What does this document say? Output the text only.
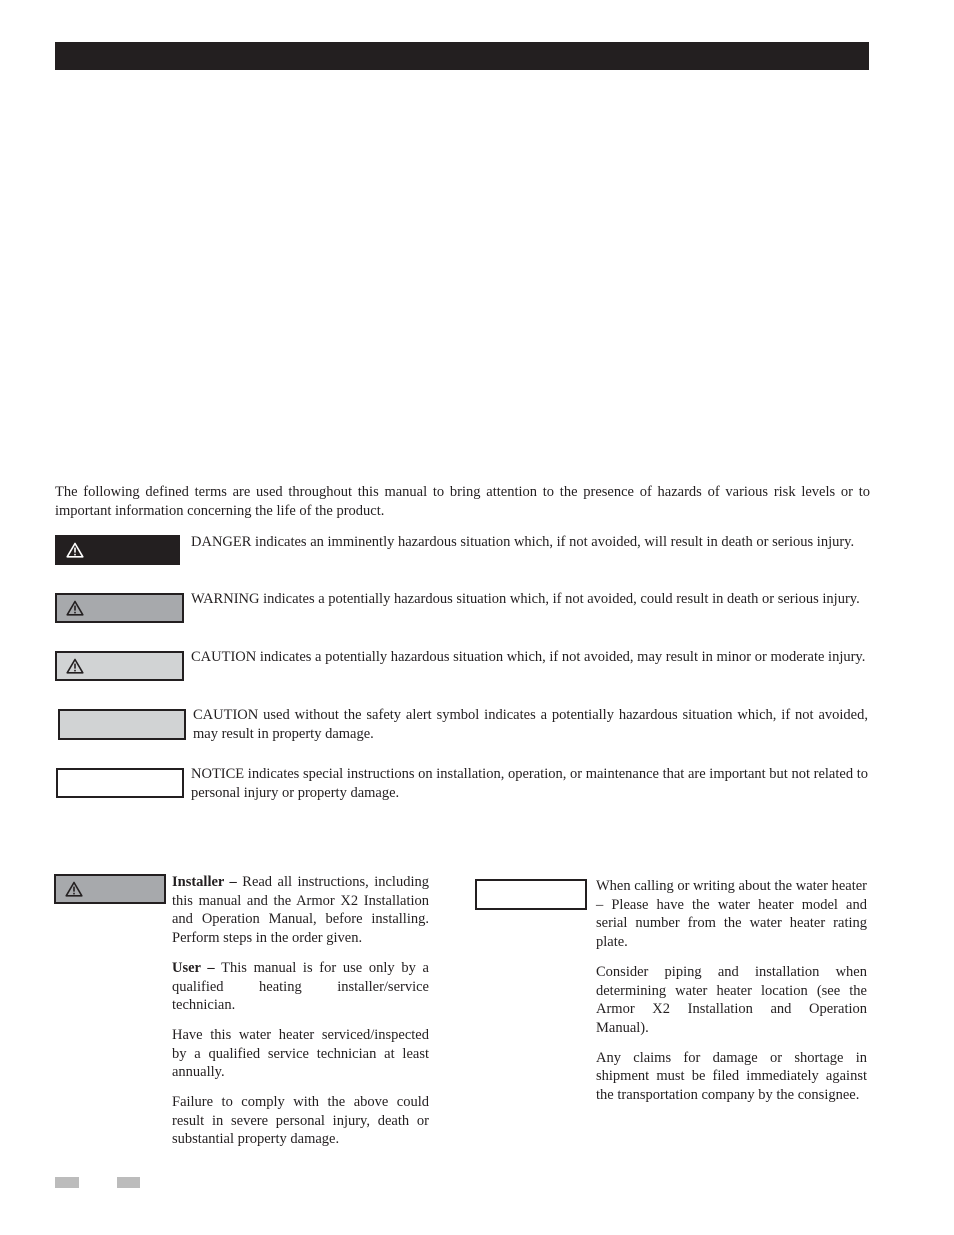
The following defined terms are used throughout this manual to bring attention to the presence of hazards of various risk levels or to important information concerning the life of the product.
DANGER indicates an imminently hazardous situation which, if not avoided, will result in death or serious injury.
WARNING indicates a potentially hazardous situation which, if not avoided, could result in death or serious injury.
CAUTION indicates a potentially hazardous situation which, if not avoided, may result in minor or moderate injury.
CAUTION used without the safety alert symbol indicates a potentially hazardous situation which, if not avoided, may result in property damage.
NOTICE indicates special instructions on installation, operation, or maintenance that are important but not related to personal injury or property damage.

Installer – Read all instructions, including this manual and the Armor X2 Installation and Operation Manual, before installing. Perform steps in the order given.

User – This manual is for use only by a qualified heating installer/service technician.

Have this water heater serviced/inspected by a qualified service technician at least annually.

Failure to comply with the above could result in severe personal injury, death or substantial property damage.

When calling or writing about the water heater – Please have the water heater model and serial number from the water heater rating plate.

Consider piping and installation when determining water heater location (see the Armor X2 Installation and Operation Manual).

Any claims for damage or shortage in shipment must be filed immediately against the transportation company by the consignee.
